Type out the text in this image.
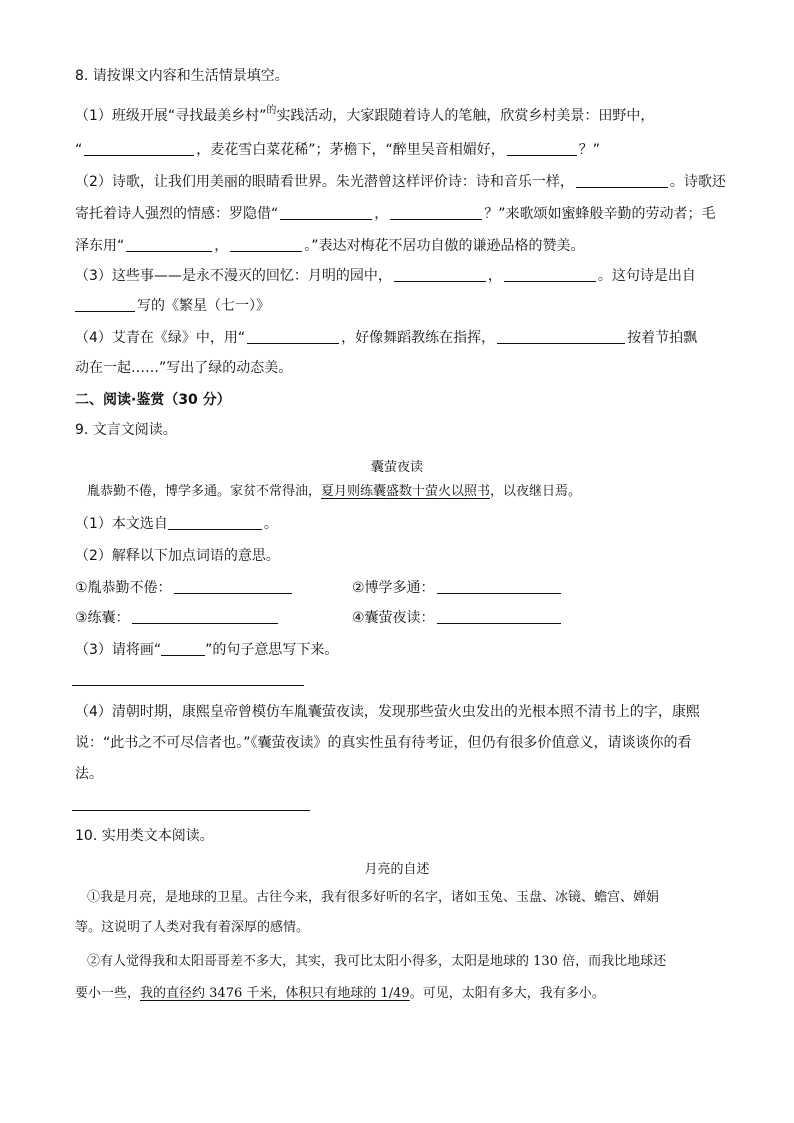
8. 请按课文内容和生活情景填空。
（1）班级开展“寻找最美乡村”$^的$实践活动，大家跟随着诗人的笔触，欣赏乡村美景：田野中，
“	，麦花雪白菜花稀”；茅檐下，“醉里吴音相媚好，	？”
（2）诗歌，让我们用美丽的眼睛看世界。朱光潜曾这样评价诗：诗和音乐一样，	。诗歌还
寄托着诗人强烈的情感：罗隐借“	，	？”来歌颂如蜜蜂般辛勤的劳动者；毛
泽东用“	，	。”表达对梅花不居功自傲的谦逊品格的赞美。
（3）这些事——是永不漫灭的回忆：月明的园中，	，	。这句诗是出自
写的《繁星（七一）》
（4）艾青在《绿》中，用“	，好像舞蹈教练在指挥，	按着节拍飘
动在一起……”写出了绿的动态美。
二、阅读·鉴赏（30 分）
9. 文言文阅读。
囊萤夜读
胤恭勤不倦，博学多通。家贫不常得油，夏月则练囊盛数十萤火以照书，以夜继日焉。
（1）本文选自	。
（2）解释以下加点词语的意思。
①胤恭勤不倦：	②博学多通：
③练囊：	④囊萤夜读：
（3）请将画“	”的句子意思写下来。
（4）清朝时期，康熙皇帝曾模仿车胤囊萤夜读，发现那些萤火虫发出的光根本照不清书上的字，康熙
说：“此书之不可尽信者也。”《囊萤夜读》的真实性虽有待考证，但仍有很多价值意义，请谈谈你的看
法。
10. 实用类文本阅读。
月亮的自述
①我是月亮，是地球的卫星。古往今来，我有很多好听的名字，诸如玉兔、玉盘、冰镜、蟾宫、婵娟
等。这说明了人类对我有着深厚的感情。
②有人觉得我和太阳哥哥差不多大，其实，我可比太阳小得多，太阳是地球的 130 倍，而我比地球还
要小一些，我的直径约 3476 千米，体积只有地球的 1/49。可见，太阳有多大，我有多小。
